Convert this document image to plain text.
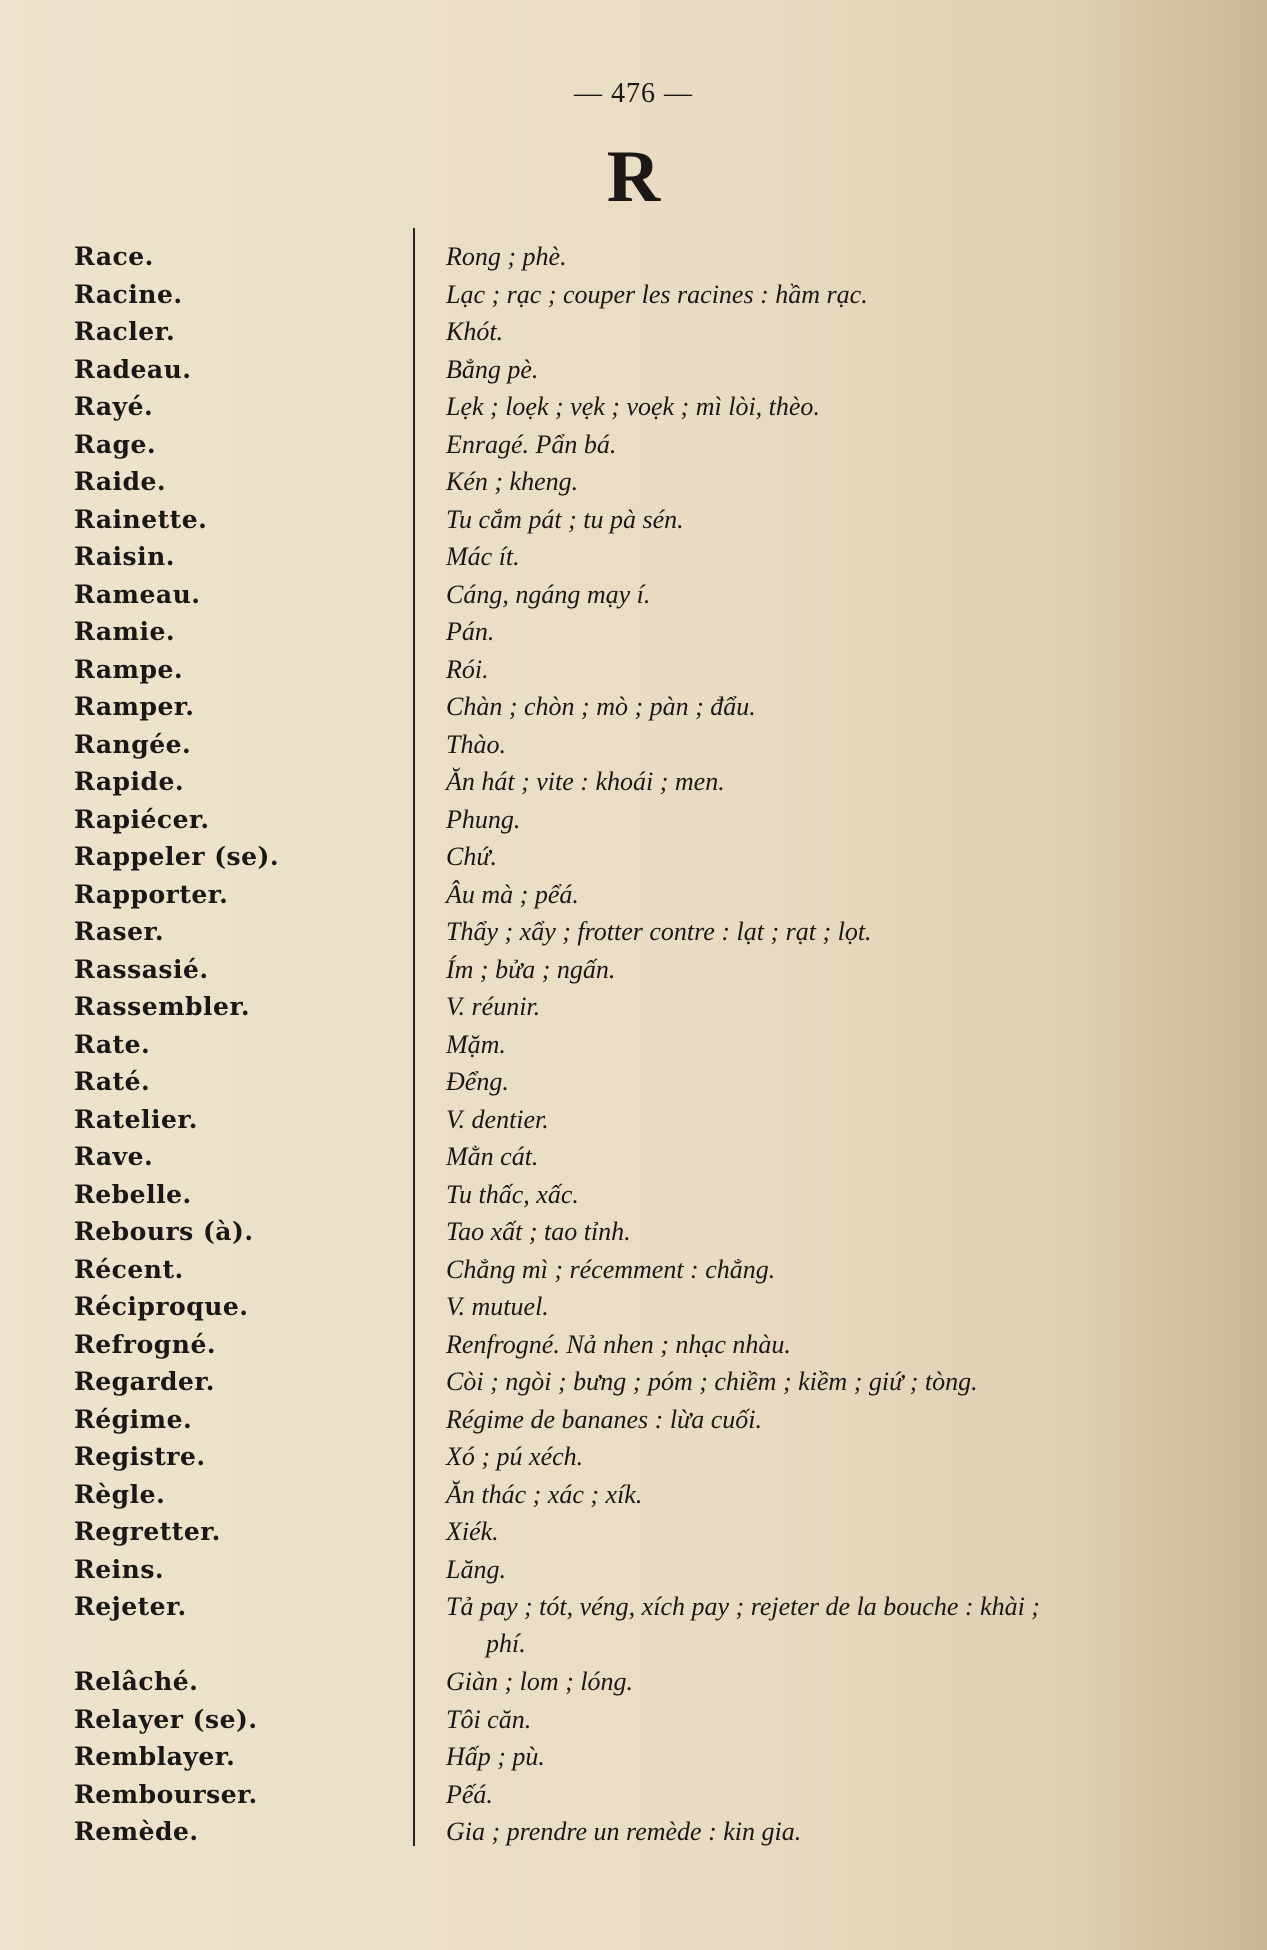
— 476 —
R
Race.	Rong ; phè.
Racine.	Lạc ; rạc ; couper les racines : hầm rạc.
Racler.	Khót.
Radeau.	Bẳng pè.
Rayé.	Lẹk ; loẹk ; vẹk ; voẹk ; mì lòi, thèo.
Rage.	Enragé. Pẩn bá.
Raide.	Kén ; kheng.
Rainette.	Tu cắm pát ; tu pà sén.
Raisin.	Mác ít.
Rameau.	Cáng, ngáng mạy í.
Ramie.	Pán.
Rampe.	Rói.
Ramper.	Chàn ; chòn ; mò ; pàn ; đẩu.
Rangée.	Thào.
Rapide.	Ăn hát ; vite : khoái ; men.
Rapiécer.	Phung.
Rappeler (se).	Chứ.
Rapporter.	Âu mà ; pểá.
Raser.	Thẩy ; xẩy ; frotter contre : lạt ; rạt ; lọt.
Rassasié.	Ím ; bửa ; ngấn.
Rassembler.	V. réunir.
Rate.	Mặm.
Raté.	Đểng.
Ratelier.	V. dentier.
Rave.	Mằn cát.
Rebelle.	Tu thấc, xấc.
Rebours (à).	Tao xất ; tao tỉnh.
Récent.	Chẳng mì ; récemment : chẳng.
Réciproque.	V. mutuel.
Refrogné.	Renfrogné. Nả nhen ; nhạc nhàu.
Regarder.	Còi ; ngòi ; bưng ; póm ; chiềm ; kiềm ; giứ ; tòng.
Régime.	Régime de bananes : lừa cuối.
Registre.	Xó ; pú xéch.
Règle.	Ăn thác ; xác ; xík.
Regretter.	Xiék.
Reins.	Lăng.
Rejeter.	Tả pay ; tót, véng, xích pay ; rejeter de la bouche : khài ;
phí.
Relâché.	Giàn ; lom ; lóng.
Relayer (se).	Tôi căn.
Remblayer.	Hấp ; pù.
Rembourser.	Pếá.
Remède.	Gia ; prendre un remède : kin gia.
